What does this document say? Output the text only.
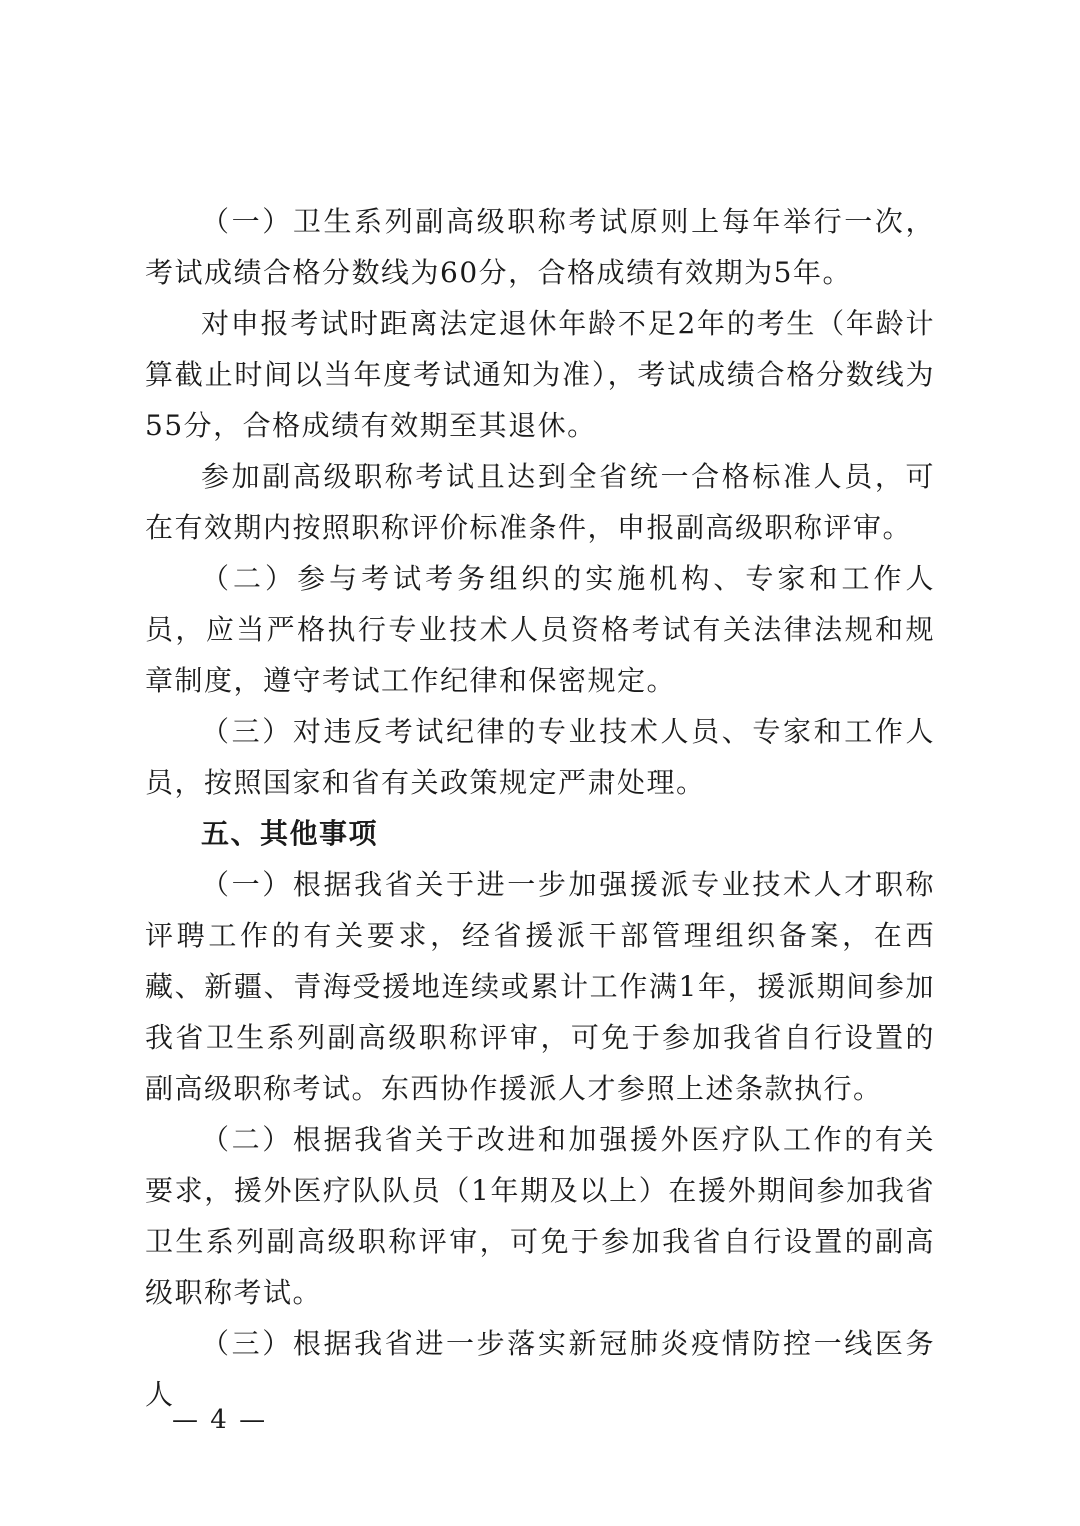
（一）卫生系列副高级职称考试原则上每年举行一次，考试成绩合格分数线为60分，合格成绩有效期为5年。

对申报考试时距离法定退休年龄不足2年的考生（年龄计算截止时间以当年度考试通知为准），考试成绩合格分数线为55分，合格成绩有效期至其退休。

参加副高级职称考试且达到全省统一合格标准人员，可在有效期内按照职称评价标准条件，申报副高级职称评审。

（二）参与考试考务组织的实施机构、专家和工作人员，应当严格执行专业技术人员资格考试有关法律法规和规章制度，遵守考试工作纪律和保密规定。

（三）对违反考试纪律的专业技术人员、专家和工作人员，按照国家和省有关政策规定严肃处理。

五、其他事项

（一）根据我省关于进一步加强援派专业技术人才职称评聘工作的有关要求，经省援派干部管理组织备案，在西藏、新疆、青海受援地连续或累计工作满1年，援派期间参加我省卫生系列副高级职称评审，可免于参加我省自行设置的副高级职称考试。东西协作援派人才参照上述条款执行。

（二）根据我省关于改进和加强援外医疗队工作的有关要求，援外医疗队队员（1年期及以上）在援外期间参加我省卫生系列副高级职称评审，可免于参加我省自行设置的副高级职称考试。

（三）根据我省进一步落实新冠肺炎疫情防控一线医务人

— 4 —
